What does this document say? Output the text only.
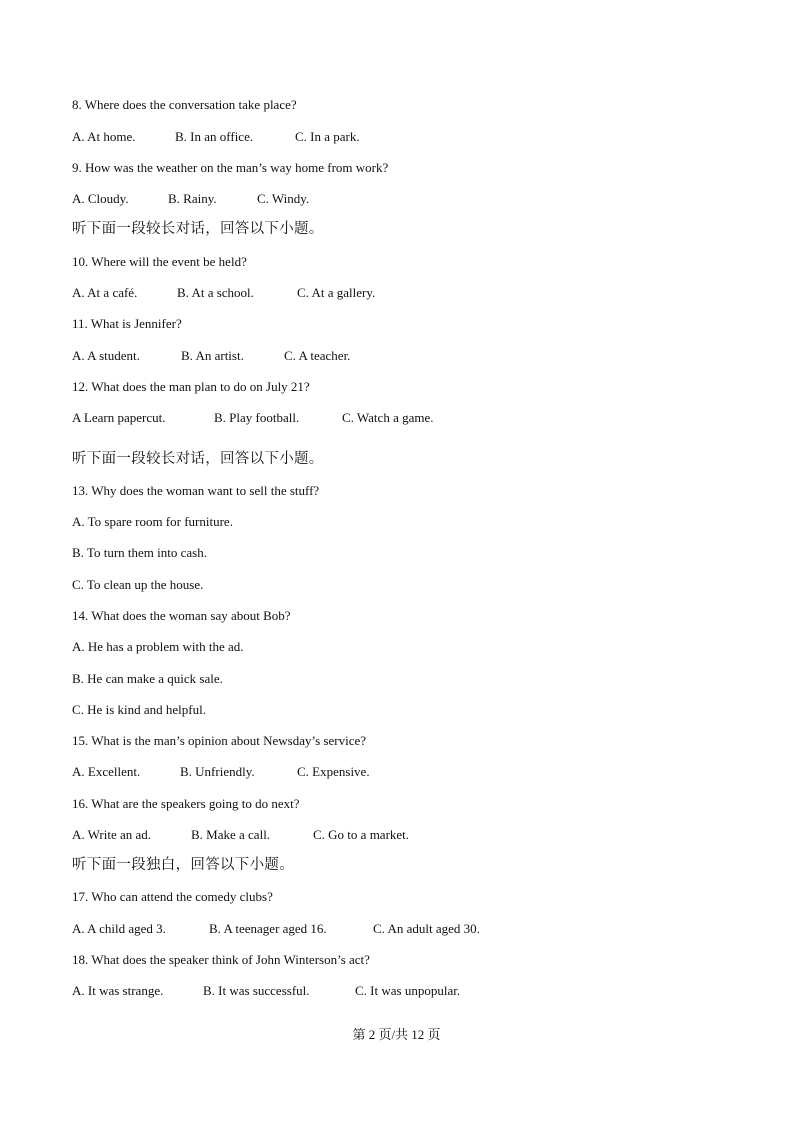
8. Where does the conversation take place?

A. At home.	B. In an office.	C. In a park.

9. How was the weather on the man’s way home from work?

A. Cloudy.	B. Rainy.	C. Windy.

听下面一段较长对话，回答以下小题。

10. Where will the event be held?

A. At a café.	B. At a school.	C. At a gallery.

11. What is Jennifer?

A. A student.	B. An artist.	C. A teacher.

12. What does the man plan to do on July 21?

A Learn papercut.	B. Play football.	C. Watch a game.

听下面一段较长对话，回答以下小题。

13. Why does the woman want to sell the stuff?

A. To spare room for furniture.

B. To turn them into cash.

C. To clean up the house.

14. What does the woman say about Bob?

A. He has a problem with the ad.

B. He can make a quick sale.

C. He is kind and helpful.

15. What is the man’s opinion about Newsday’s service?

A. Excellent.	B. Unfriendly.	C. Expensive.

16. What are the speakers going to do next?

A. Write an ad.	B. Make a call.	C. Go to a market.

听下面一段独白，回答以下小题。

17. Who can attend the comedy clubs?

A. A child aged 3.	B. A teenager aged 16.	C. An adult aged 30.

18. What does the speaker think of John Winterson’s act?

A. It was strange.	B. It was successful.	C. It was unpopular.
第 2 页/共 12 页
